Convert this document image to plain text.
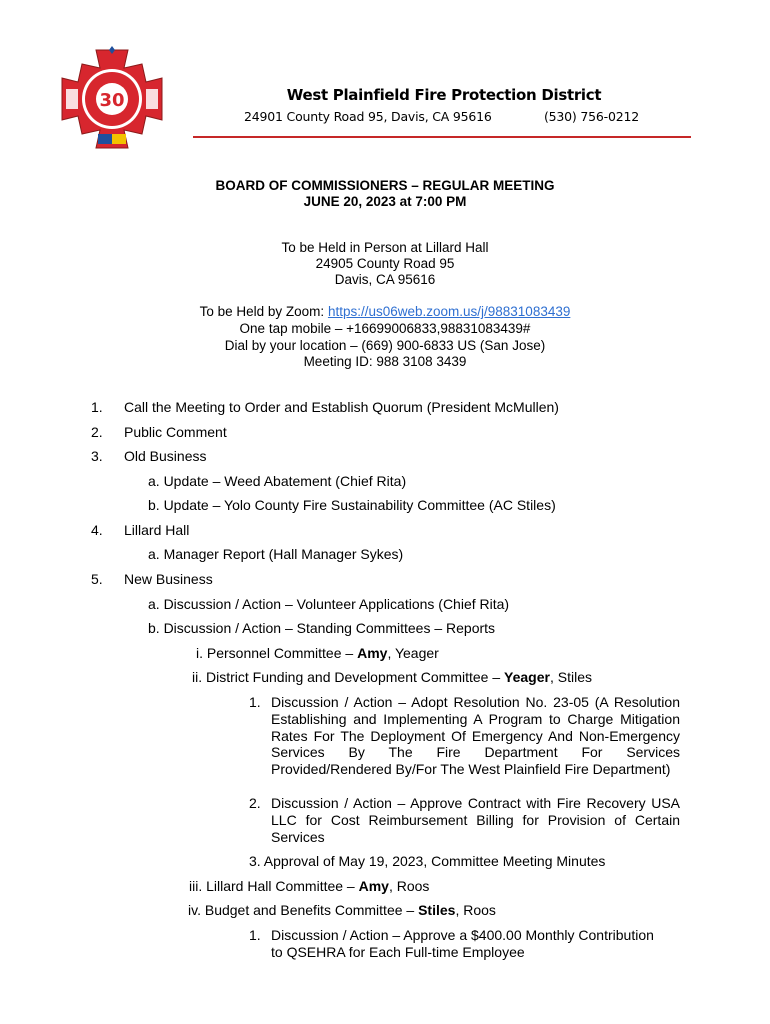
30	West Plainfield Fire Protection District
24901 County Road 95, Davis, CA 95616	(530) 756-0212
BOARD OF COMMISSIONERS – REGULAR MEETING
JUNE 20, 2023 at 7:00 PM
To be Held in Person at Lillard Hall
24905 County Road 95
Davis, CA 95616
To be Held by Zoom: https://us06web.zoom.us/j/98831083439
One tap mobile – +16699006833,98831083439#
Dial by your location – (669) 900-6833 US (San Jose)
Meeting ID: 988 3108 3439
1. Call the Meeting to Order and Establish Quorum (President McMullen)
2. Public Comment
3. Old Business
a. Update – Weed Abatement (Chief Rita)
b. Update – Yolo County Fire Sustainability Committee (AC Stiles)
4. Lillard Hall
a. Manager Report (Hall Manager Sykes)
5. New Business
a. Discussion / Action – Volunteer Applications (Chief Rita)
b. Discussion / Action – Standing Committees – Reports
i. Personnel Committee – Amy, Yeager
ii. District Funding and Development Committee – Yeager, Stiles
1. Discussion / Action – Adopt Resolution No. 23-05 (A Resolution Establishing and Implementing A Program to Charge Mitigation Rates For The Deployment Of Emergency And Non-Emergency Services By The Fire Department For Services Provided/Rendered By/For The West Plainfield Fire Department)
2. Discussion / Action – Approve Contract with Fire Recovery USA LLC for Cost Reimbursement Billing for Provision of Certain Services
3. Approval of May 19, 2023, Committee Meeting Minutes
iii. Lillard Hall Committee – Amy, Roos
iv. Budget and Benefits Committee – Stiles, Roos
1. Discussion / Action – Approve a $400.00 Monthly Contribution
to QSEHRA for Each Full-time Employee
